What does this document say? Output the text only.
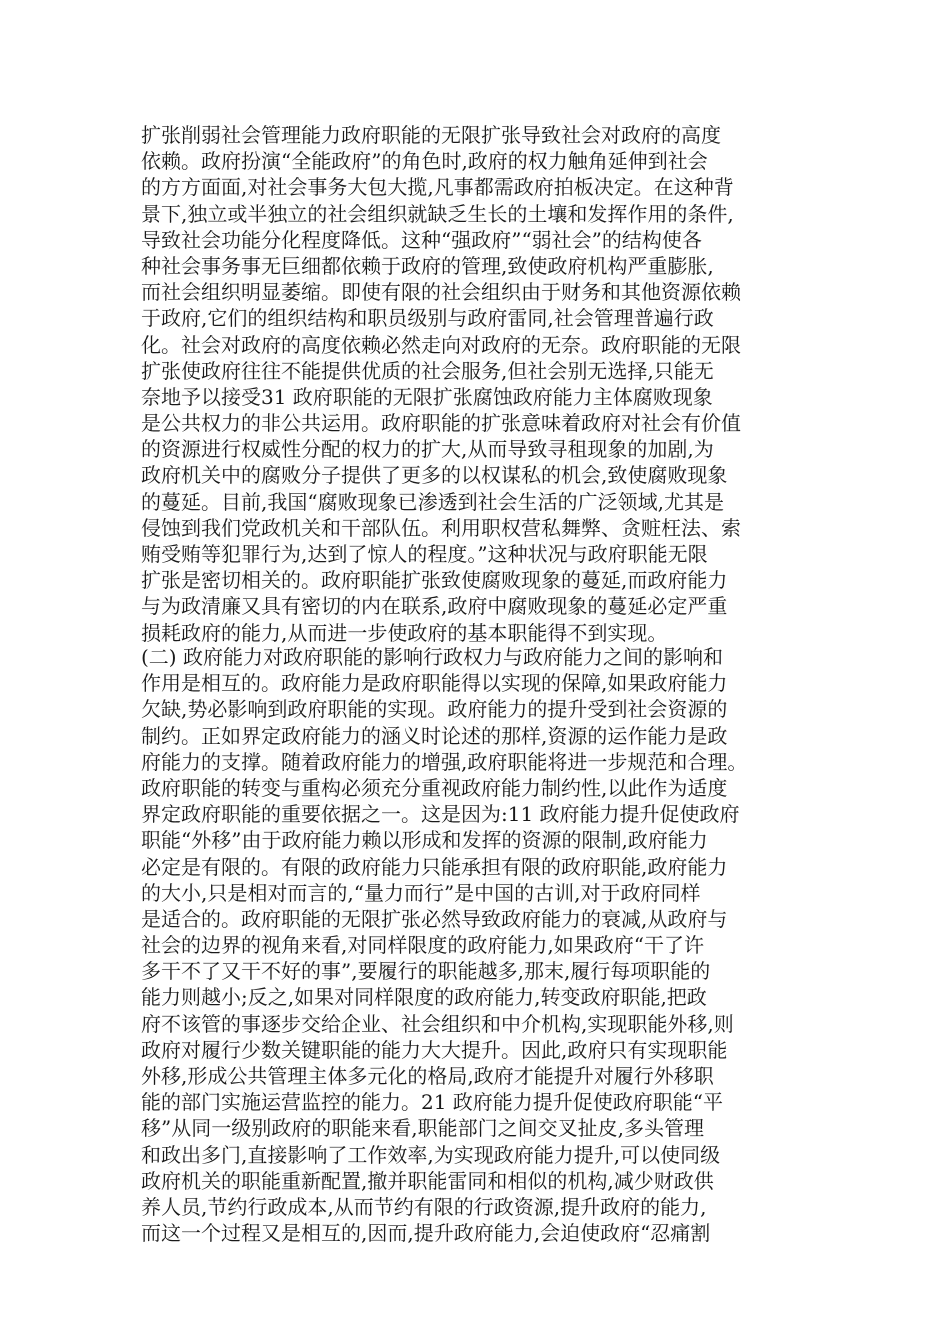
扩张削弱社会管理能力政府职能的无限扩张导致社会对政府的高度
依赖。政府扮演“全能政府”的角色时,政府的权力触角延伸到社会
的方方面面,对社会事务大包大揽,凡事都需政府拍板决定。在这种背
景下,独立或半独立的社会组织就缺乏生长的土壤和发挥作用的条件,
导致社会功能分化程度降低。这种“强政府”“弱社会”的结构使各
种社会事务事无巨细都依赖于政府的管理,致使政府机构严重膨胀,
而社会组织明显萎缩。即使有限的社会组织由于财务和其他资源依赖
于政府,它们的组织结构和职员级别与政府雷同,社会管理普遍行政
化。社会对政府的高度依赖必然走向对政府的无奈。政府职能的无限
扩张使政府往往不能提供优质的社会服务,但社会别无选择,只能无
奈地予以接受31 政府职能的无限扩张腐蚀政府能力主体腐败现象
是公共权力的非公共运用。政府职能的扩张意味着政府对社会有价值
的资源进行权威性分配的权力的扩大,从而导致寻租现象的加剧,为
政府机关中的腐败分子提供了更多的以权谋私的机会,致使腐败现象
的蔓延。目前,我国“腐败现象已渗透到社会生活的广泛领域,尤其是
侵蚀到我们党政机关和干部队伍。利用职权营私舞弊、贪赃枉法、索
贿受贿等犯罪行为,达到了惊人的程度。”这种状况与政府职能无限
扩张是密切相关的。政府职能扩张致使腐败现象的蔓延,而政府能力
与为政清廉又具有密切的内在联系,政府中腐败现象的蔓延必定严重
损耗政府的能力,从而进一步使政府的基本职能得不到实现。
(二) 政府能力对政府职能的影响行政权力与政府能力之间的影响和
作用是相互的。政府能力是政府职能得以实现的保障,如果政府能力
欠缺,势必影响到政府职能的实现。政府能力的提升受到社会资源的
制约。正如界定政府能力的涵义时论述的那样,资源的运作能力是政
府能力的支撑。随着政府能力的增强,政府职能将进一步规范和合理。
政府职能的转变与重构必须充分重视政府能力制约性,以此作为适度
界定政府职能的重要依据之一。这是因为:11 政府能力提升促使政府
职能“外移”由于政府能力赖以形成和发挥的资源的限制,政府能力
必定是有限的。有限的政府能力只能承担有限的政府职能,政府能力
的大小,只是相对而言的,“量力而行”是中国的古训,对于政府同样
是适合的。政府职能的无限扩张必然导致政府能力的衰减,从政府与
社会的边界的视角来看,对同样限度的政府能力,如果政府“干了许
多干不了又干不好的事”,要履行的职能越多,那末,履行每项职能的
能力则越小;反之,如果对同样限度的政府能力,转变政府职能,把政
府不该管的事逐步交给企业、社会组织和中介机构,实现职能外移,则
政府对履行少数关键职能的能力大大提升。因此,政府只有实现职能
外移,形成公共管理主体多元化的格局,政府才能提升对履行外移职
能的部门实施运营监控的能力。21 政府能力提升促使政府职能“平
移”从同一级别政府的职能来看,职能部门之间交叉扯皮,多头管理
和政出多门,直接影响了工作效率,为实现政府能力提升,可以使同级
政府机关的职能重新配置,撤并职能雷同和相似的机构,减少财政供
养人员,节约行政成本,从而节约有限的行政资源,提升政府的能力,
而这一个过程又是相互的,因而,提升政府能力,会迫使政府“忍痛割
